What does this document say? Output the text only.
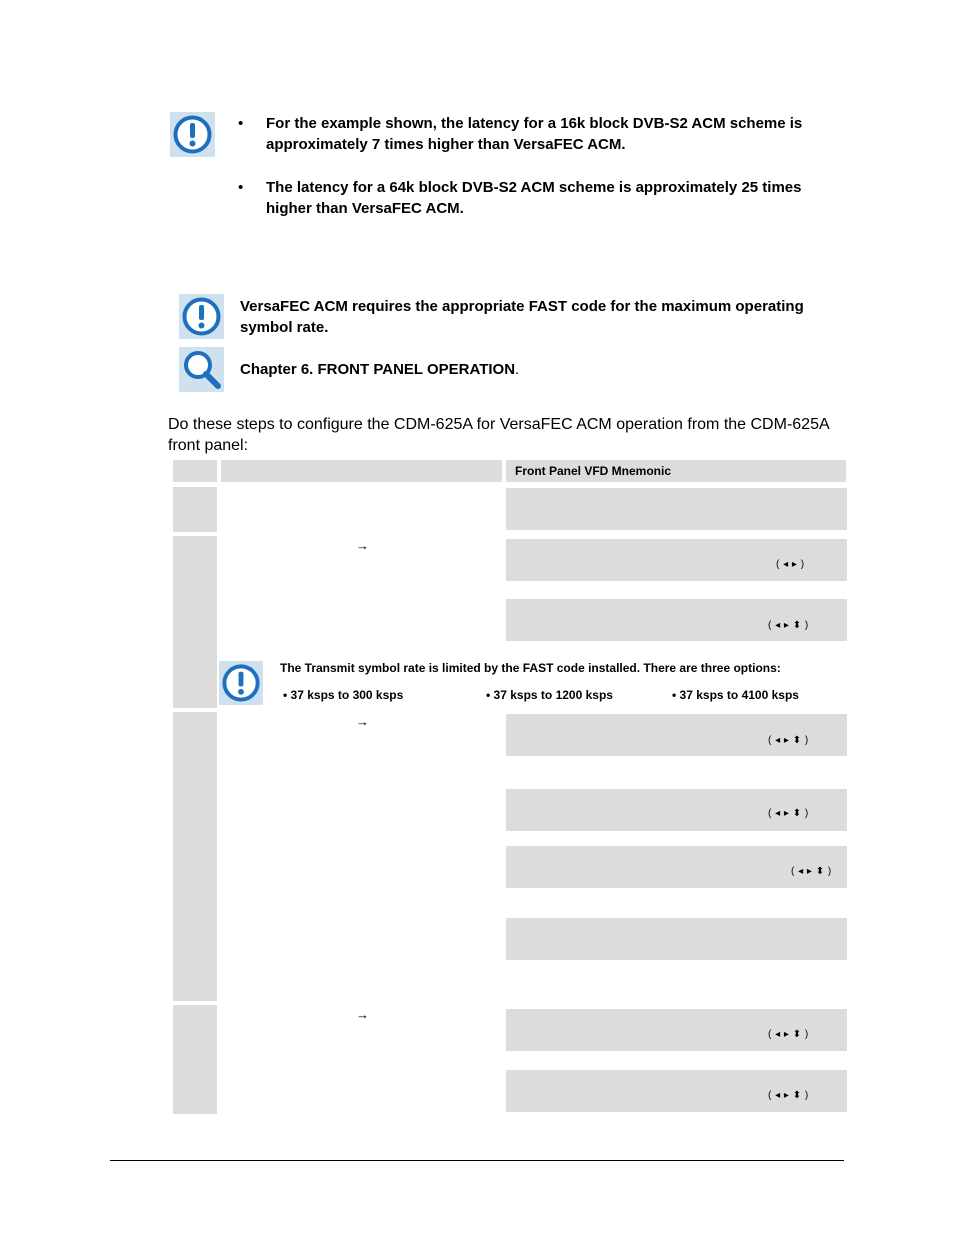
• For the example shown, the latency for a 16k block DVB-S2 ACM scheme is approximately 7 times higher than VersaFEC ACM.
• The latency for a 64k block DVB-S2 ACM scheme is approximately 25 times higher than VersaFEC ACM.
VersaFEC ACM requires the appropriate FAST code for the maximum operating symbol rate.
Chapter 6. FRONT PANEL OPERATION.
Do these steps to configure the CDM-625A for VersaFEC ACM operation from the CDM-625A front panel:
Front Panel VFD Mnemonic
( ◂ ▸ )
( ◂ ▸ ⬍ )
( ◂ ▸ ⬍ )
( ◂ ▸ ⬍ )
( ◂ ▸ ⬍ )
( ◂ ▸ ⬍ )
( ◂ ▸ ⬍ )
→
→
→
The Transmit symbol rate is limited by the FAST code installed. There are three options:
• 37 ksps to 300 ksps	• 37 ksps to 1200 ksps	• 37 ksps to 4100 ksps
